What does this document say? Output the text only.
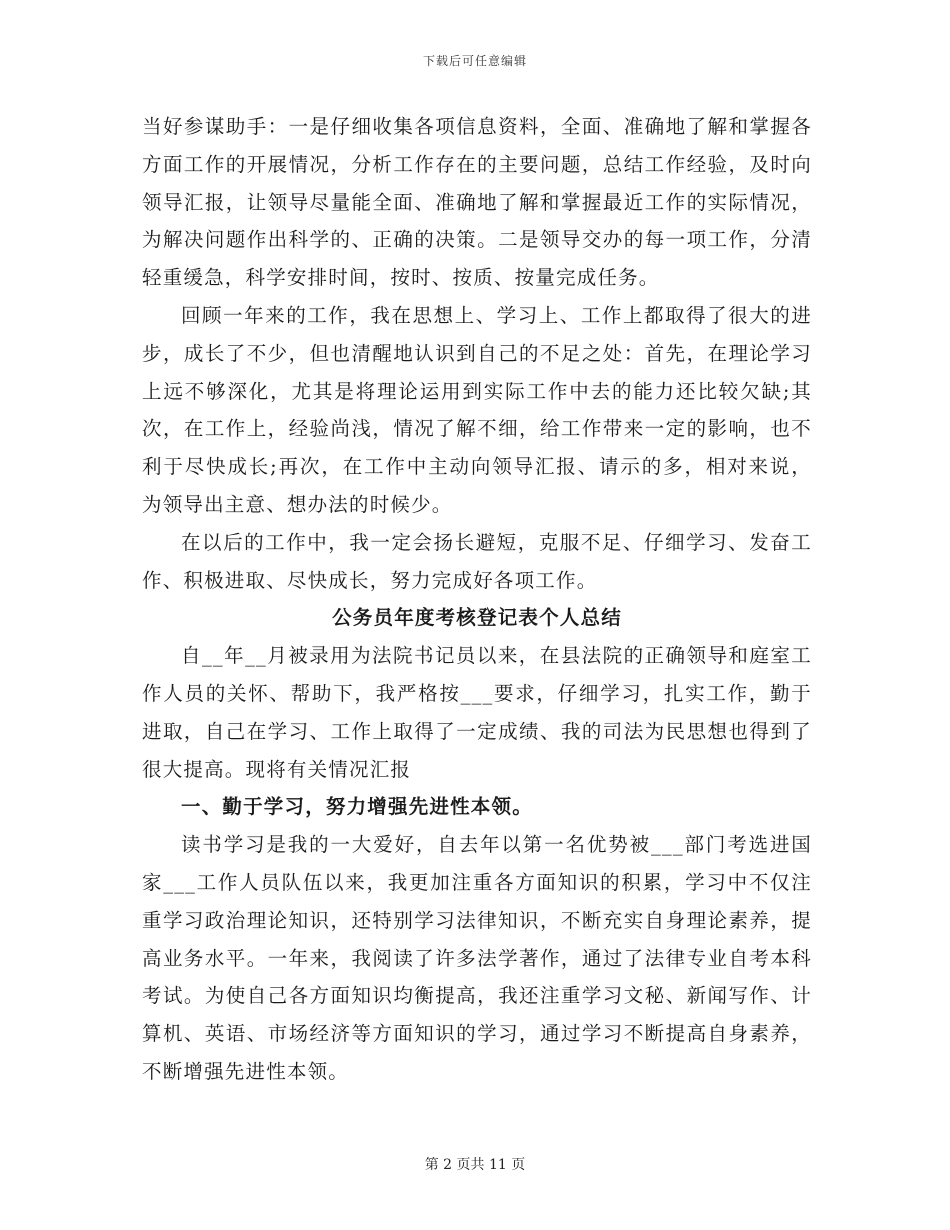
下载后可任意编辑

当好参谋助手：一是仔细收集各项信息资料，全面、准确地了解和掌握各方面工作的开展情况，分析工作存在的主要问题，总结工作经验，及时向领导汇报，让领导尽量能全面、准确地了解和掌握最近工作的实际情况，为解决问题作出科学的、正确的决策。二是领导交办的每一项工作，分清轻重缓急，科学安排时间，按时、按质、按量完成任务。

回顾一年来的工作，我在思想上、学习上、工作上都取得了很大的进步，成长了不少，但也清醒地认识到自己的不足之处：首先，在理论学习上远不够深化，尤其是将理论运用到实际工作中去的能力还比较欠缺;其次，在工作上，经验尚浅，情况了解不细，给工作带来一定的影响，也不利于尽快成长;再次，在工作中主动向领导汇报、请示的多，相对来说，为领导出主意、想办法的时候少。

在以后的工作中，我一定会扬长避短，克服不足、仔细学习、发奋工作、积极进取、尽快成长，努力完成好各项工作。

公务员年度考核登记表个人总结

自__年__月被录用为法院书记员以来，在县法院的正确领导和庭室工作人员的关怀、帮助下，我严格按___要求，仔细学习，扎实工作，勤于进取，自己在学习、工作上取得了一定成绩、我的司法为民思想也得到了很大提高。现将有关情况汇报

一、勤于学习，努力增强先进性本领。

读书学习是我的一大爱好，自去年以第一名优势被___部门考选进国家___工作人员队伍以来，我更加注重各方面知识的积累，学习中不仅注重学习政治理论知识，还特别学习法律知识，不断充实自身理论素养，提高业务水平。一年来，我阅读了许多法学著作，通过了法律专业自考本科考试。为使自己各方面知识均衡提高，我还注重学习文秘、新闻写作、计算机、英语、市场经济等方面知识的学习，通过学习不断提高自身素养，不断增强先进性本领。

第 2 页共 11 页
